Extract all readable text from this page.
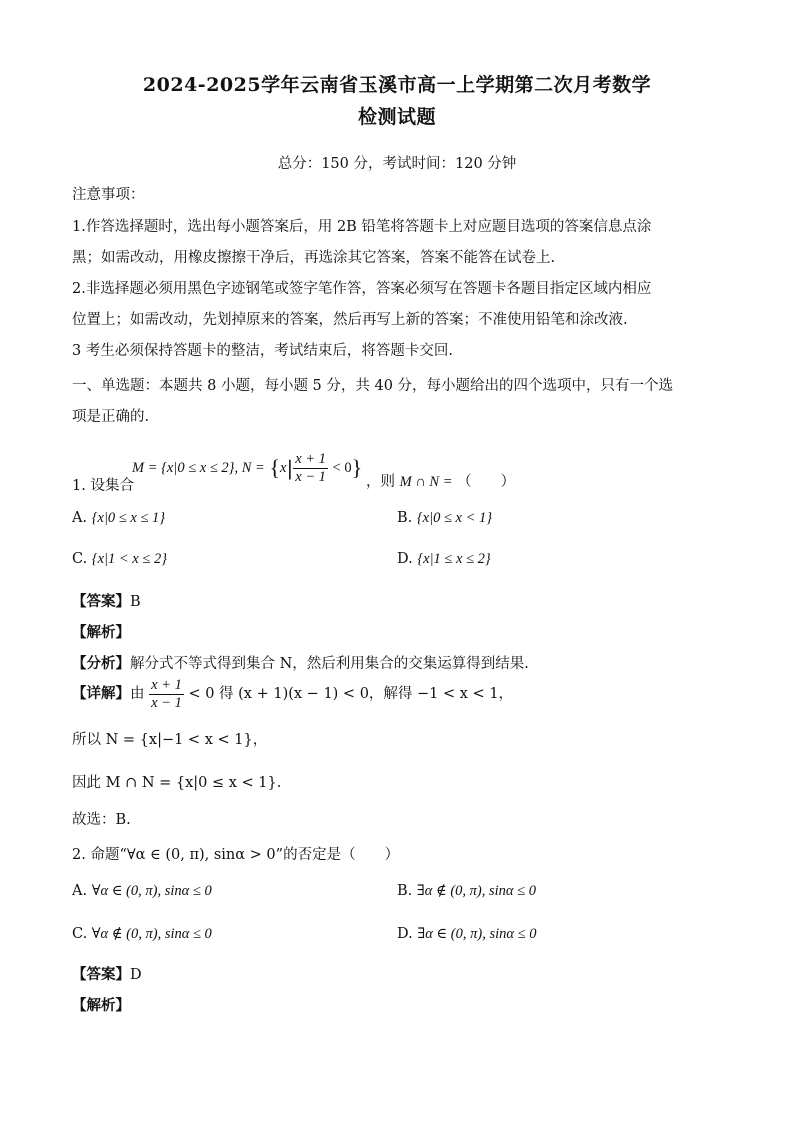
2024-2025学年云南省玉溪市高一上学期第二次月考数学
检测试题
总分：150 分，考试时间：120 分钟
注意事项：
1.作答选择题时，选出每小题答案后，用 2B 铅笔将答题卡上对应题目选项的答案信息点涂
黑；如需改动，用橡皮擦擦干净后，再选涂其它答案，答案不能答在试卷上.
2.非选择题必须用黑色字迹钢笔或签字笔作答，答案必须写在答题卡各题目指定区域内相应
位置上；如需改动，先划掉原来的答案，然后再写上新的答案；不准使用铅笔和涂改液.
3 考生必须保持答题卡的整洁，考试结束后，将答题卡交回.
一、单选题：本题共 8 小题，每小题 5 分，共 40 分，每小题给出的四个选项中，只有一个选
项是正确的.
M = {x|0 ≤ x ≤ 2}, $N = \{x| \frac{x + 1}{x - 1} < 0\}$
1. 设集合	，则 M ∩ N = （　　）
A. {x|0 ≤ x ≤ 1}	B. {x|0 ≤ x < 1}
C. {x|1 < x ≤ 2}	D. {x|1 ≤ x ≤ 2}
【答案】B
【解析】
【分析】解分式不等式得到集合 N，然后利用集合的交集运算得到结果.
【详解】由 $\frac{x + 1}{x - 1} < 0$ 得 (x + 1)(x − 1) < 0，解得 −1 < x < 1，
所以 N = {x|−1 < x < 1}，
因此 M ∩ N = {x|0 ≤ x < 1}.
故选：B.
2. 命题“∀α ∈ (0, π), sinα > 0”的否定是（　　）
A. ∀α ∈ (0, π), sinα ≤ 0	B. ∃α ∉ (0, π), sinα ≤ 0
C. ∀α ∉ (0, π), sinα ≤ 0	D. ∃α ∈ (0, π), sinα ≤ 0
【答案】D
【解析】
